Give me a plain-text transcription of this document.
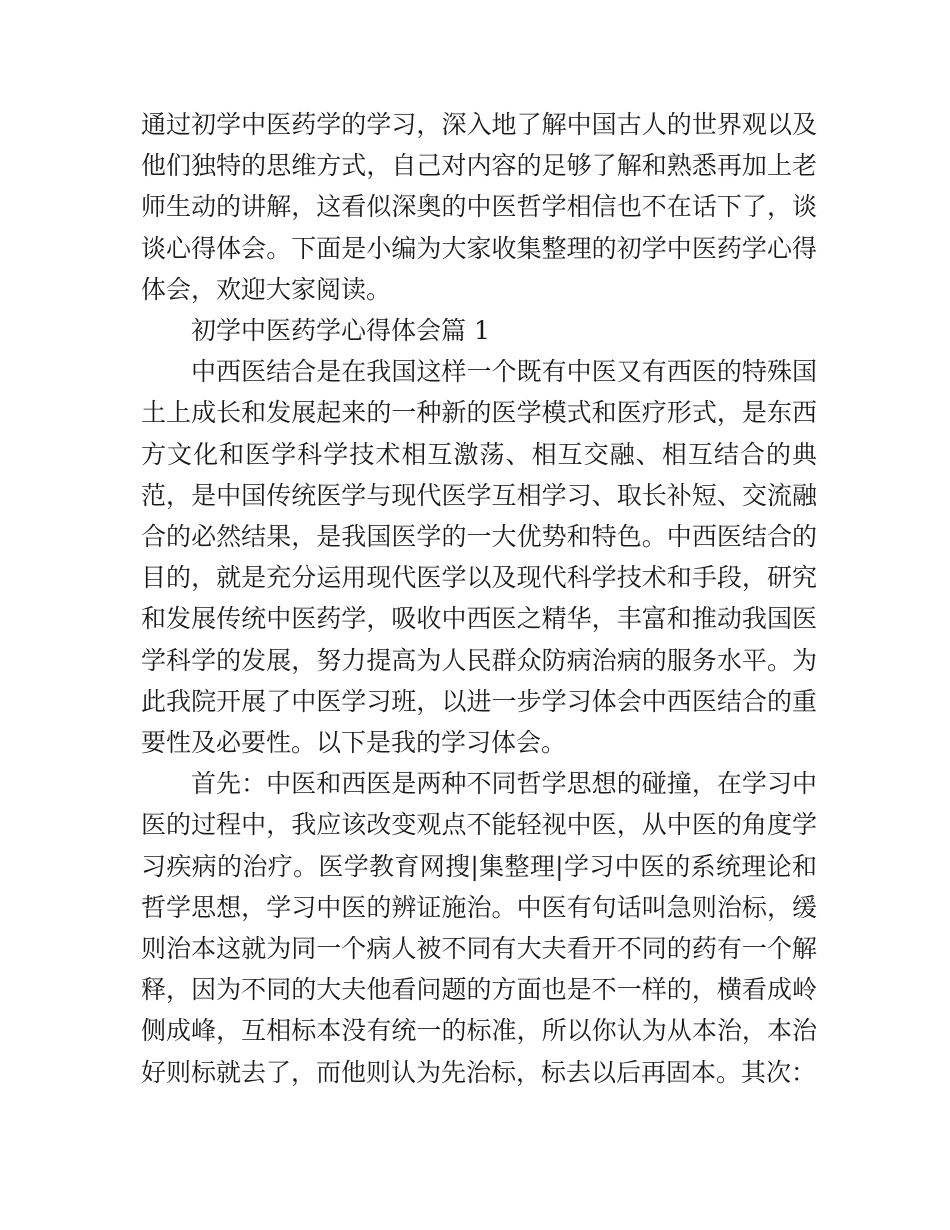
通过初学中医药学的学习，深入地了解中国古人的世界观以及他们独特的思维方式，自己对内容的足够了解和熟悉再加上老师生动的讲解，这看似深奥的中医哲学相信也不在话下了，谈谈心得体会。下面是小编为大家收集整理的初学中医药学心得体会，欢迎大家阅读。

初学中医药学心得体会篇 1

中西医结合是在我国这样一个既有中医又有西医的特殊国土上成长和发展起来的一种新的医学模式和医疗形式，是东西方文化和医学科学技术相互激荡、相互交融、相互结合的典范，是中国传统医学与现代医学互相学习、取长补短、交流融合的必然结果，是我国医学的一大优势和特色。中西医结合的目的，就是充分运用现代医学以及现代科学技术和手段，研究和发展传统中医药学，吸收中西医之精华，丰富和推动我国医学科学的发展，努力提高为人民群众防病治病的服务水平。为此我院开展了中医学习班，以进一步学习体会中西医结合的重要性及必要性。以下是我的学习体会。

首先：中医和西医是两种不同哲学思想的碰撞，在学习中医的过程中，我应该改变观点不能轻视中医，从中医的角度学习疾病的治疗。医学教育网搜|集整理|学习中医的系统理论和哲学思想，学习中医的辨证施治。中医有句话叫急则治标，缓则治本这就为同一个病人被不同有大夫看开不同的药有一个解释，因为不同的大夫他看问题的方面也是不一样的，横看成岭侧成峰，互相标本没有统一的标准，所以你认为从本治，本治好则标就去了，而他则认为先治标，标去以后再固本。其次：
